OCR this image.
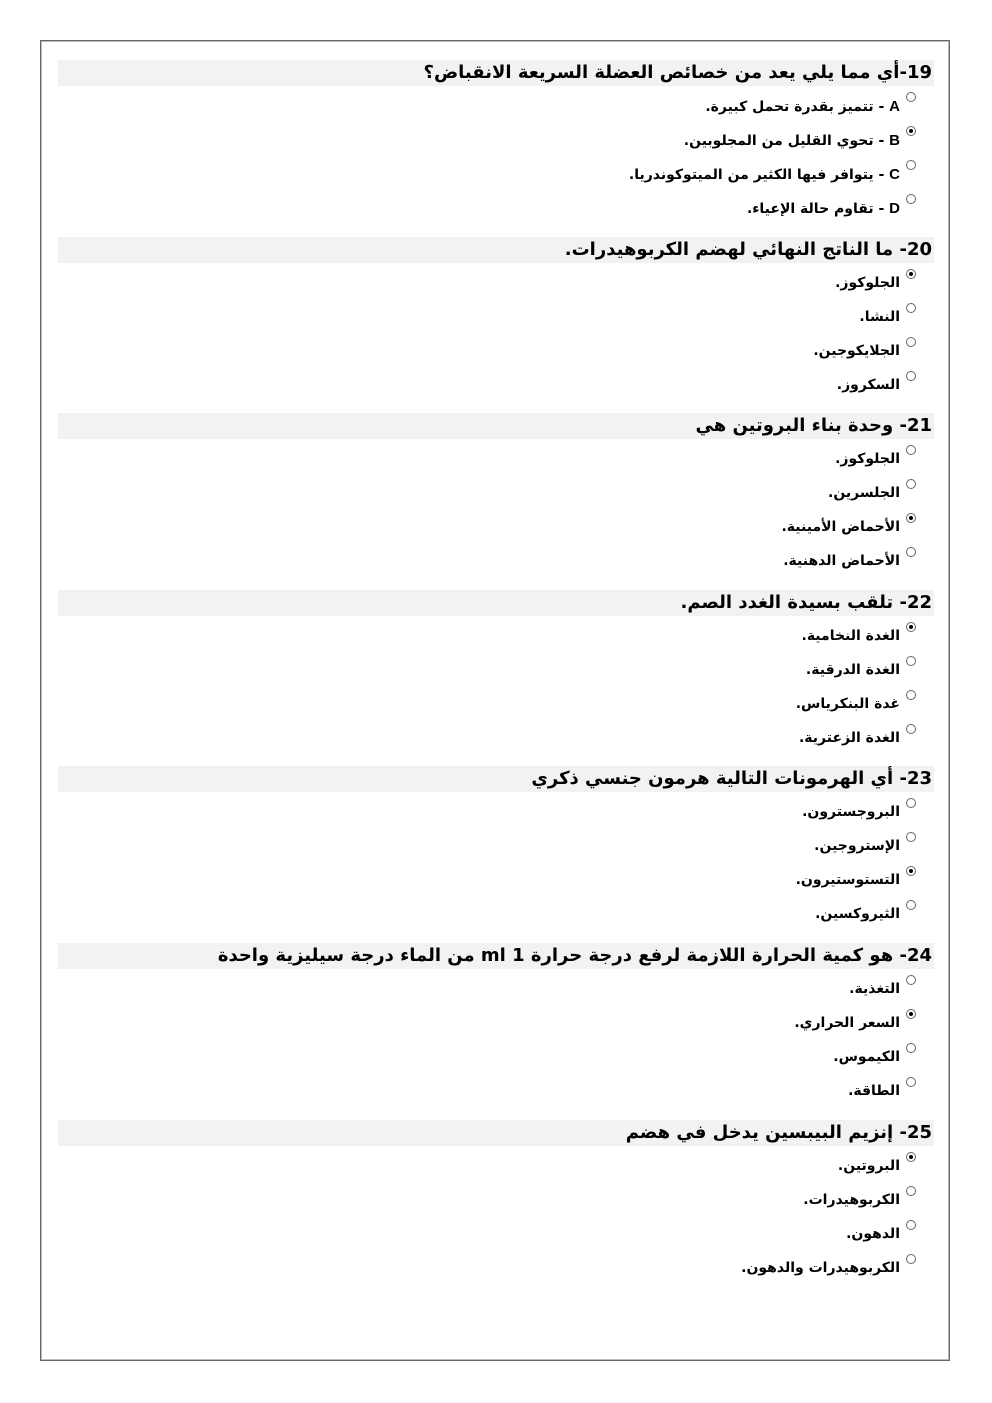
19-أي مما يلي يعد من خصائص العضلة السريعة الانقباض؟
A - تتميز بقدرة تحمل كبيرة.
B - تحوي القليل من المجلوبين.
C - يتوافر فيها الكثير من الميتوكوندريا.
D - تقاوم حالة الإعياء.
20- ما الناتج النهائي لهضم الكربوهيدرات.
الجلوكوز.
النشا.
الجلايكوجين.
السكروز.
21- وحدة بناء البروتين هي
الجلوكوز.
الجلسرين.
الأحماض الأمينية.
الأحماض الدهنية.
22- تلقب بسيدة الغدد الصم.
الغدة النخامية.
الغدة الدرقية.
غدة البنكرياس.
الغدة الزعترية.
23- أي الهرمونات التالية هرمون جنسي ذكري
البروجسترون.
الإستروجين.
التستوستيرون.
الثيروكسين.
24- هو كمية الحرارة اللازمة لرفع درجة حرارة ml 1 من الماء درجة سيليزية واحدة
التغذية.
السعر الحراري.
الكيموس.
الطاقة.
25- إنزيم البيبسين يدخل في هضم
البروتين.
الكربوهيدرات.
الدهون.
الكربوهيدرات والدهون.
